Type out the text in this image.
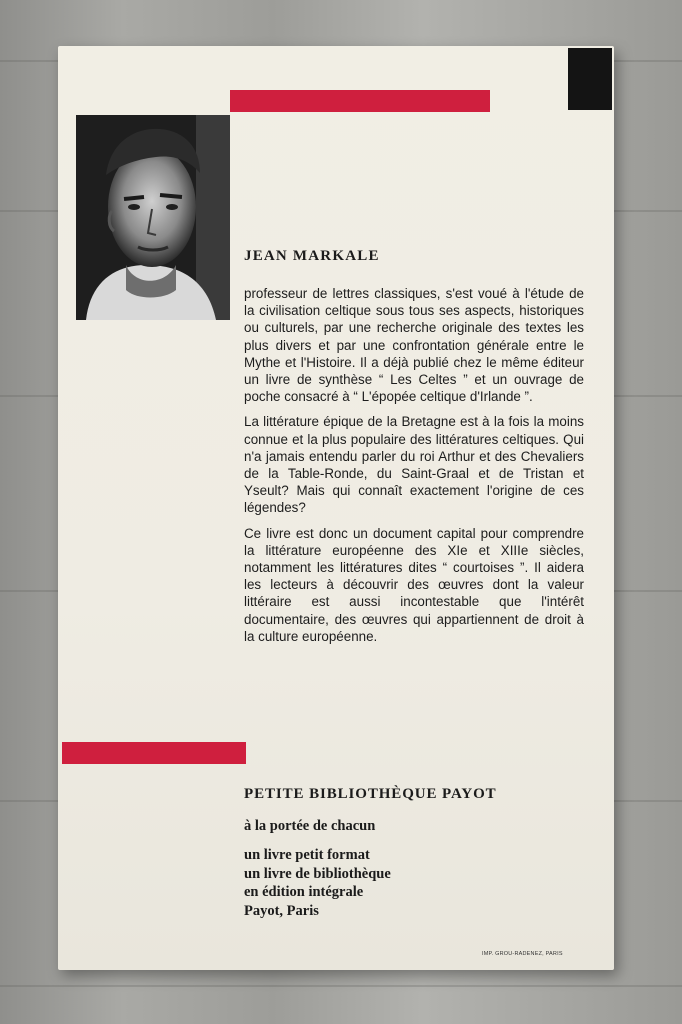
JEAN MARKALE

professeur de lettres classiques, s'est voué à l'étude de la civilisation celtique sous tous ses aspects, historiques ou culturels, par une recherche originale des textes les plus divers et par une confrontation générale entre le Mythe et l'Histoire. Il a déjà publié chez le même éditeur un livre de synthèse “ Les Celtes ” et un ouvrage de poche consacré à “ L'épopée celtique d'Irlande ”.

La littérature épique de la Bretagne est à la fois la moins connue et la plus populaire des littératures celtiques. Qui n'a jamais entendu parler du roi Arthur et des Chevaliers de la Table-Ronde, du Saint-Graal et de Tristan et Yseult? Mais qui connaît exactement l'origine de ces légendes?

Ce livre est donc un document capital pour comprendre la littérature européenne des XIe et XIIIe siècles, notamment les littératures dites “ courtoises ”. Il aidera les lecteurs à découvrir des œuvres dont la valeur littéraire est aussi incontestable que l'intérêt documentaire, des œuvres qui appartiennent de droit à la culture européenne.

PETITE BIBLIOTHÈQUE PAYOT
à la portée de chacun
un livre petit format
un livre de bibliothèque
en édition intégrale
Payot, Paris
IMP. GROU-RADENEZ, PARIS
